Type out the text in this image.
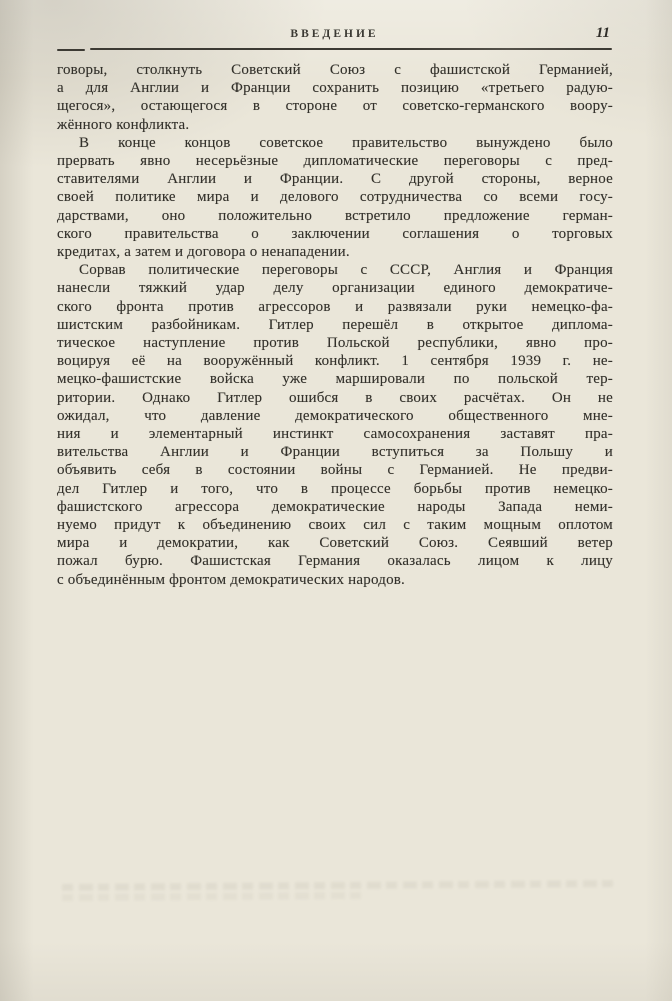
ВВЕДЕНИЕ	11
говоры, столкнуть Советский Союз с фашистской Германией,
а для Англии и Франции сохранить позицию «третьего радую-
щегося», остающегося в стороне от советско-германского воору-
жённого конфликта.
В конце концов советское правительство вынуждено было
прервать явно несерьёзные дипломатические переговоры с пред-
ставителями Англии и Франции. С другой стороны, верное
своей политике мира и делового сотрудничества со всеми госу-
дарствами, оно положительно встретило предложение герман-
ского правительства о заключении соглашения о торговых
кредитах, а затем и договора о ненападении.
Сорвав политические переговоры с СССР, Англия и Франция
нанесли тяжкий удар делу организации единого демократиче-
ского фронта против агрессоров и развязали руки немецко-фа-
шистским разбойникам. Гитлер перешёл в открытое диплома-
тическое наступление против Польской республики, явно про-
воцируя её на вооружённый конфликт. 1 сентября 1939 г. не-
мецко-фашистские войска уже маршировали по польской тер-
ритории. Однако Гитлер ошибся в своих расчётах. Он не
ожидал, что давление демократического общественного мне-
ния и элементарный инстинкт самосохранения заставят пра-
вительства Англии и Франции вступиться за Польшу и
объявить себя в состоянии войны с Германией. Не предви-
дел Гитлер и того, что в процессе борьбы против немецко-
фашистского агрессора демократические народы Запада неми-
нуемо придут к объединению своих сил с таким мощным оплотом
мира и демократии, как Советский Союз. Сеявший ветер
пожал бурю. Фашистская Германия оказалась лицом к лицу
с объединённым фронтом демократических народов.
